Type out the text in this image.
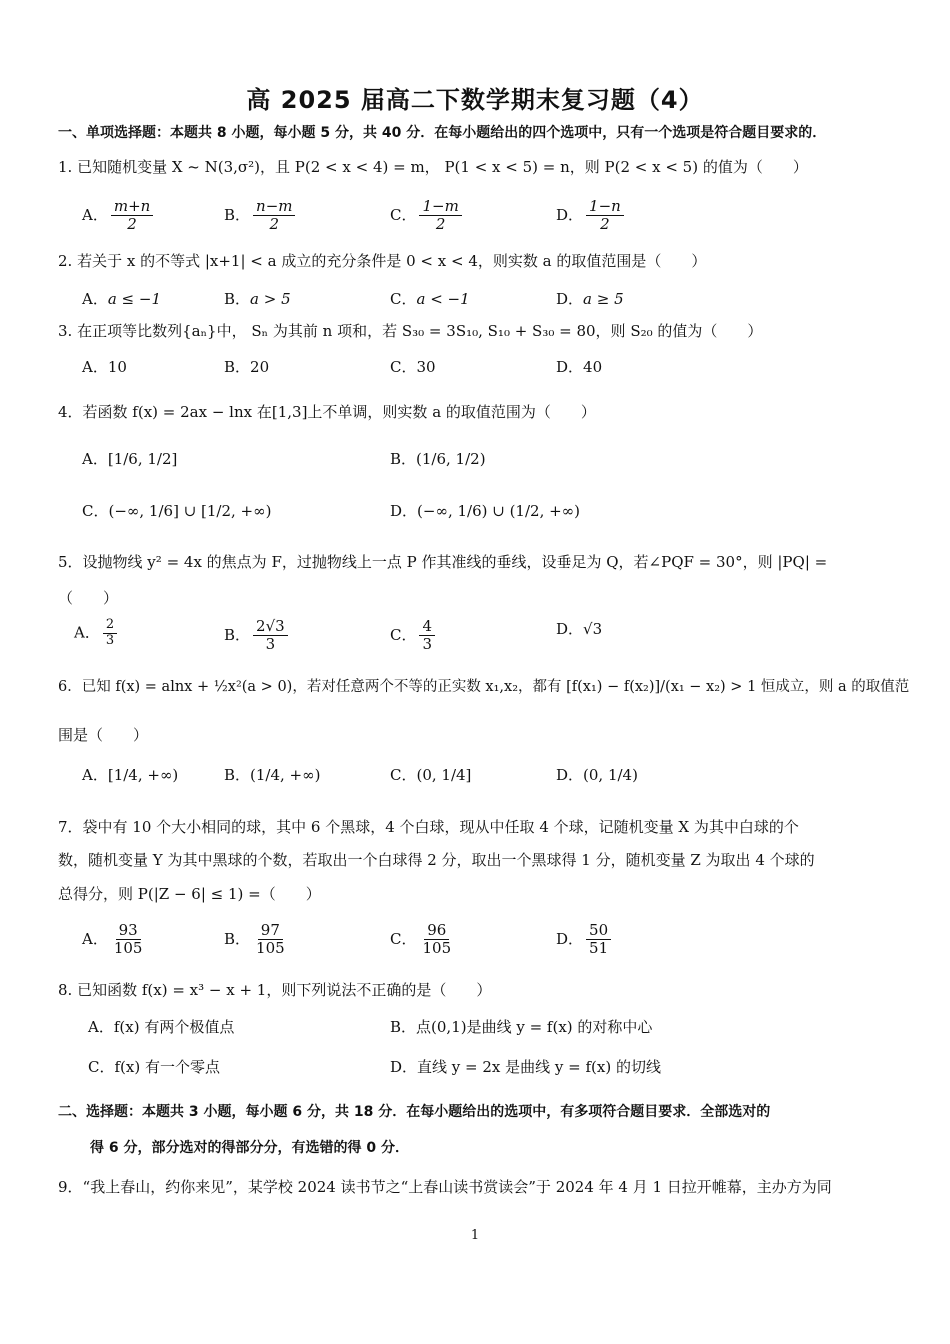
高 2025 届高二下数学期末复习题（4）
一、单项选择题：本题共 8 小题，每小题 5 分，共 40 分．在每小题给出的四个选项中，只有一个选项是符合题目要求的．
1. 已知随机变量 X ~ N(3,σ²)，且 P(2 < x < 4) = m， P(1 < x < 5) = n，则 P(2 < x < 5) 的值为（　　）
A． $\frac{m+n}{2}$	B． $\frac{n-m}{2}$	C． $\frac{1-m}{2}$	D． $\frac{1-n}{2}$
2. 若关于 x 的不等式 |x+1| < a 成立的充分条件是 0 < x < 4，则实数 a 的取值范围是（　　）
A．a ≤ −1	B．a > 5	C．a < −1	D．a ≥ 5
3. 在正项等比数列{aₙ}中， Sₙ 为其前 n 项和，若 S₃₀ = 3S₁₀, S₁₀ + S₃₀ = 80，则 S₂₀ 的值为（　　）
A．10	B．20	C．30	D．40
4．若函数 f(x) = 2ax − lnx 在[1,3]上不单调，则实数 a 的取值范围为（　　）
A．[1/6, 1/2]	B．(1/6, 1/2)
C．(−∞, 1/6] ∪ [1/2, +∞)	D．(−∞, 1/6) ∪ (1/2, +∞)
5．设抛物线 y² = 4x 的焦点为 F，过抛物线上一点 P 作其准线的垂线，设垂足为 Q，若∠PQF = 30°，则 |PQ| =
（　　）
A． $\frac{2}{3}$	B． $\frac{2√3}{3}$	C． $\frac{4}{3}$	D．√3
6．已知 f(x) = alnx + ½x²(a > 0)，若对任意两个不等的正实数 x₁,x₂，都有 [f(x₁) − f(x₂)]/(x₁ − x₂) > 1 恒成立，则 a 的取值范
围是（　　）
A．[1/4, +∞)	B．(1/4, +∞)	C．(0, 1/4]	D．(0, 1/4)
7．袋中有 10 个大小相同的球，其中 6 个黑球，4 个白球，现从中任取 4 个球，记随机变量 X 为其中白球的个
数，随机变量 Y 为其中黑球的个数，若取出一个白球得 2 分，取出一个黑球得 1 分，随机变量 Z 为取出 4 个球的
总得分，则 P(|Z − 6| ≤ 1) =（　　）
A． $\frac{93}{105}$	B． $\frac{97}{105}$	C． $\frac{96}{105}$	D． $\frac{50}{51}$
8. 已知函数 f(x) = x³ − x + 1，则下列说法不正确的是（　　）
A．f(x) 有两个极值点	B．点(0,1)是曲线 y = f(x) 的对称中心
C．f(x) 有一个零点	D．直线 y = 2x 是曲线 y = f(x) 的切线
二、选择题：本题共 3 小题，每小题 6 分，共 18 分．在每小题给出的选项中，有多项符合题目要求．全部选对的
得 6 分，部分选对的得部分分，有选错的得 0 分．
9．“我上春山，约你来见”，某学校 2024 读书节之“上春山读书赏读会”于 2024 年 4 月 1 日拉开帷幕，主办方为同
1
